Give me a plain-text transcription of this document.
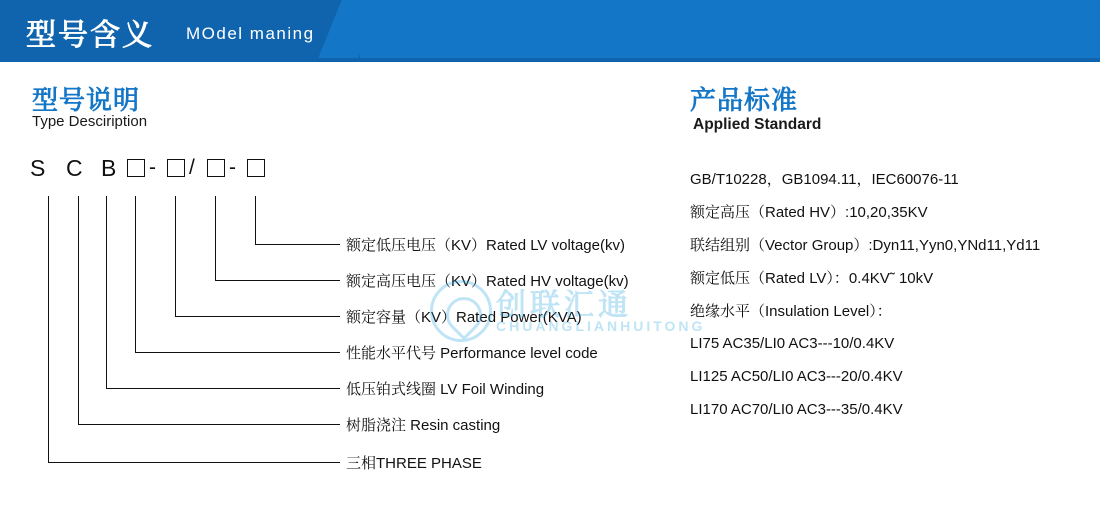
型号含义 MOdel maning
型号说明
Type Desciription
产品标准
Applied Standard
S C B - / -
额定低压电压（KV）Rated LV voltage(kv)
额定高压电压（KV）Rated HV voltage(kv)
额定容量（KV）Rated Power(KVA)
性能水平代号 Performance level code
低压铂式线圈 LV Foil Winding
树脂浇注 Resin casting
三相THREE PHASE
GB/T10228，GB1094.11，IEC60076-11
额定高压（Rated HV）:10,20,35KV
联结组别（Vector Group）:Dyn11,Yyn0,YNd11,Yd11
额定低压（Rated LV）：0.4KV˜ 10kV
绝缘水平（Insulation Level）：
LI75 AC35/LI0 AC3---10/0.4KV
LI125 AC50/LI0 AC3---20/0.4KV
LI170 AC70/LI0 AC3---35/0.4KV
创联汇通
CHUANGLIANHUITONG
